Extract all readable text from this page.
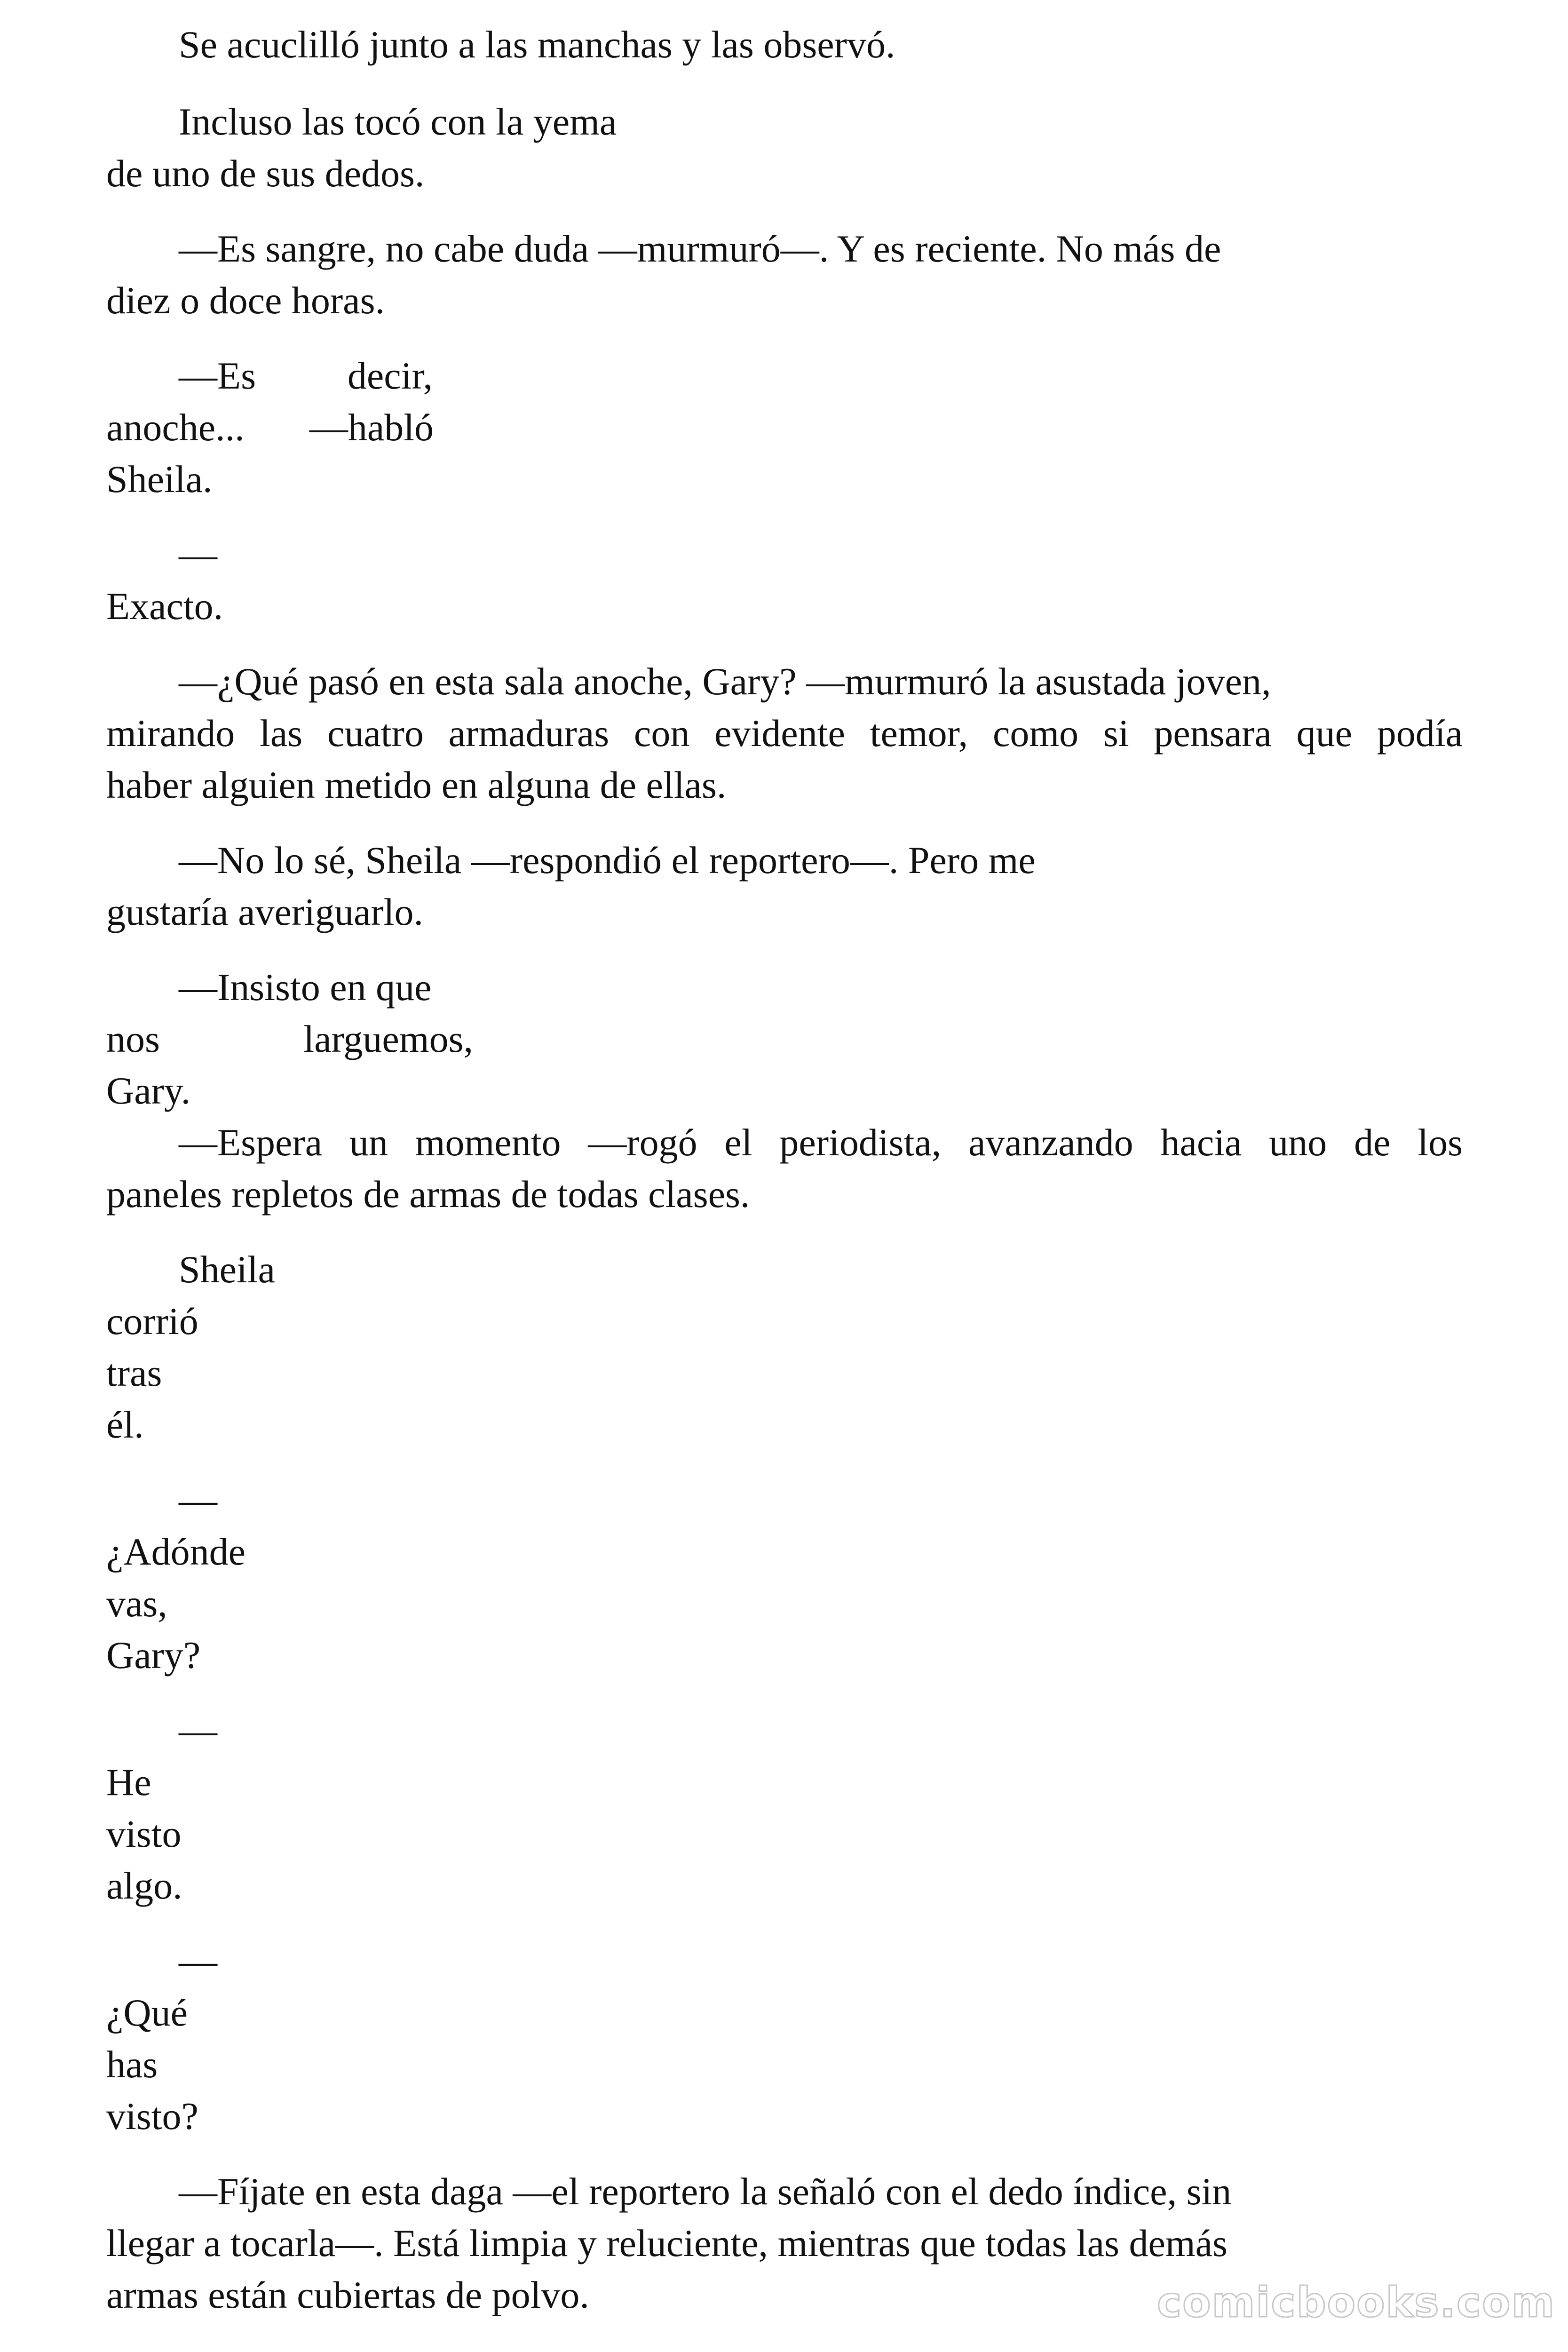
Se acuclilló junto a las manchas y las observó.

Incluso las tocó con la yema

de uno de sus dedos.

—Es sangre, no cabe duda —murmuró—. Y es reciente. No más de

diez o doce horas.

—Es decir,

anoche... —habló

Sheila.

—

Exacto.

—¿Qué pasó en esta sala anoche, Gary? —murmuró la asustada joven,

mirando las cuatro armaduras con evidente temor, como si pensara que podía

haber alguien metido en alguna de ellas.

—No lo sé, Sheila —respondió el reportero—. Pero me

gustaría averiguarlo.

—Insisto en que

nos	larguemos,

Gary.

—Espera un momento —rogó el periodista, avanzando hacia uno de los

paneles repletos de armas de todas clases.

Sheila

corrió

tras

él.

—

¿Adónde

vas,

Gary?

—

He

visto

algo.

—

¿Qué

has

visto?

—Fíjate en esta daga —el reportero la señaló con el dedo índice, sin

llegar a tocarla—. Está limpia y reluciente, mientras que todas las demás

armas están cubiertas de polvo.	comicbooks.com
